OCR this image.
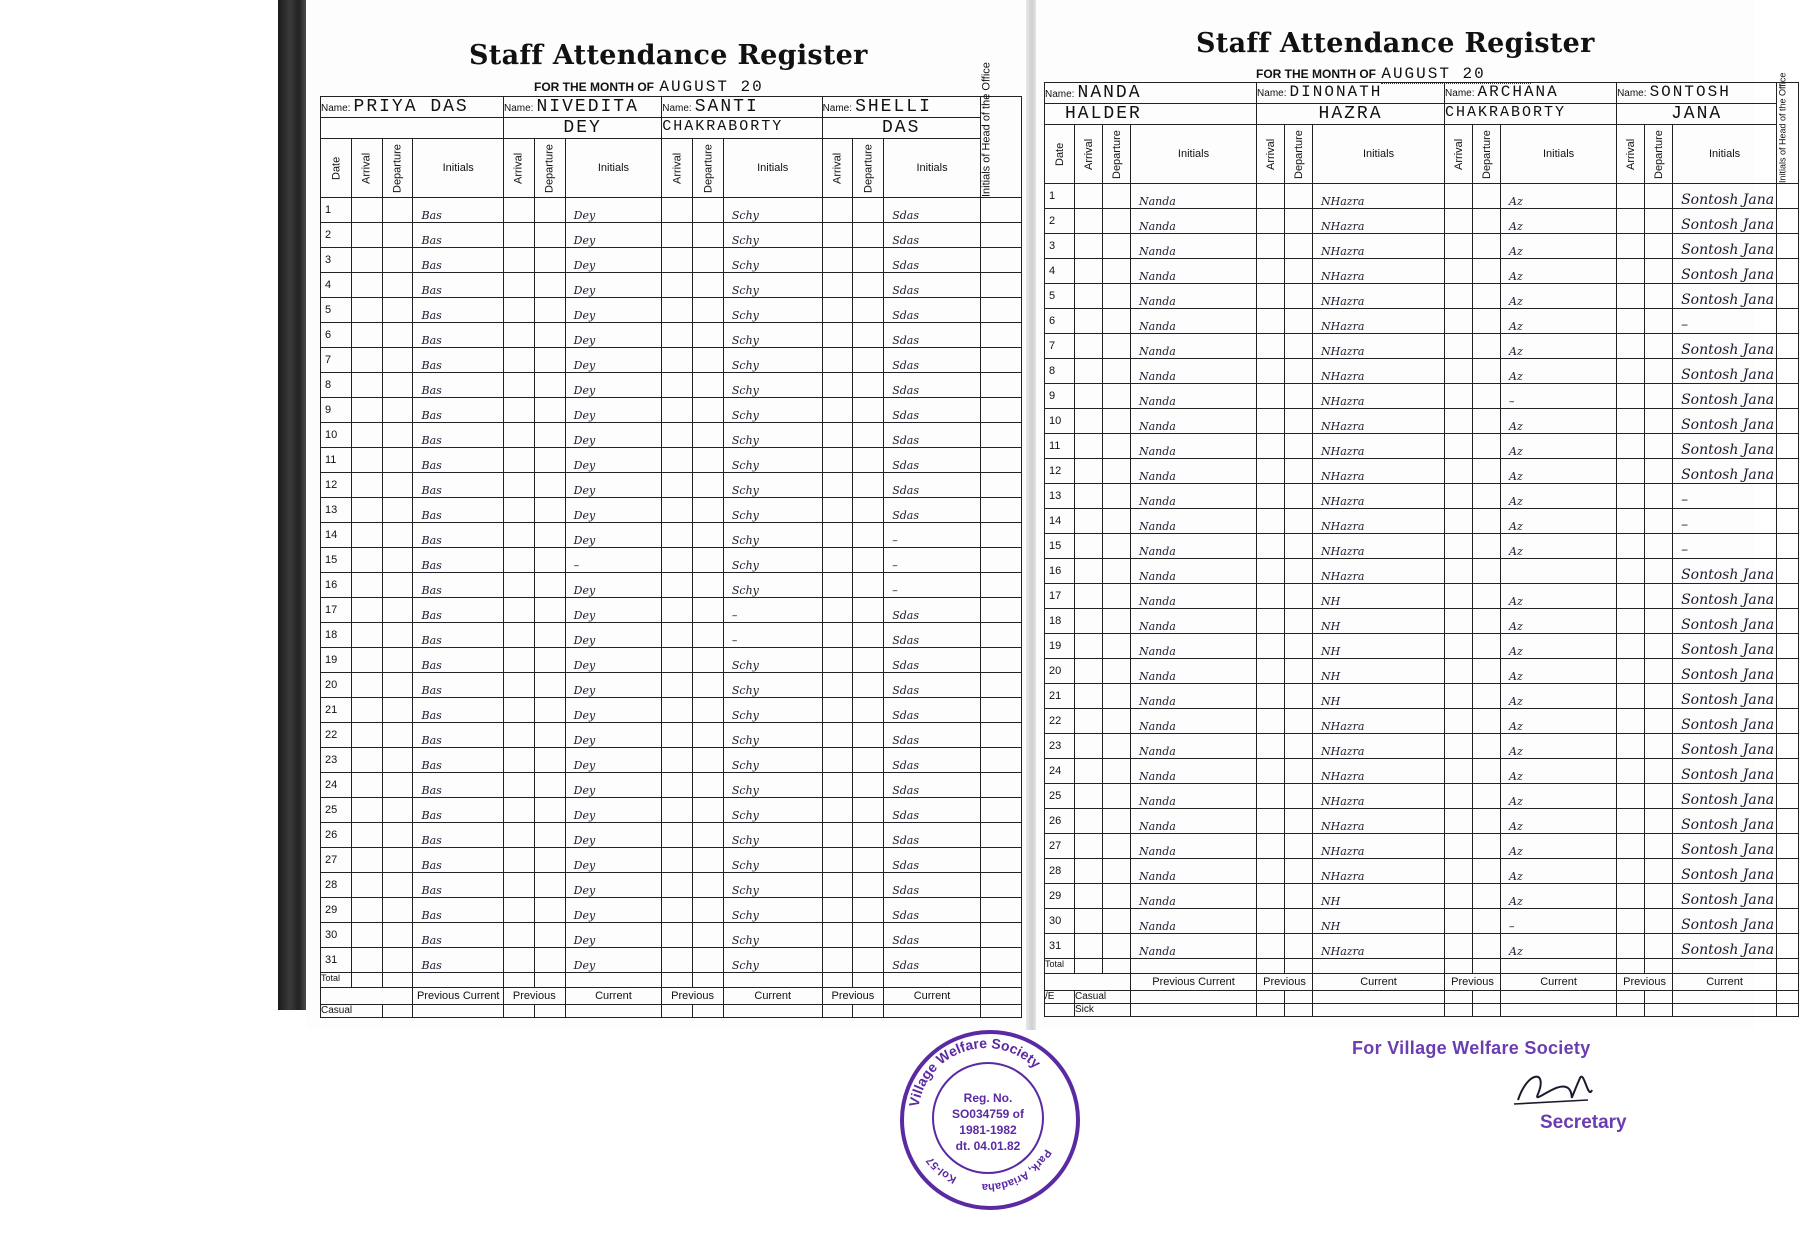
Staff Attendance Register
FOR THE MONTH OF AUGUST 20
Name: PRIYA DAS				Name: NIVEDITA			Name: SANTI			Name: SHELLI			Initials of Head of the Office
				DEY			CHAKRABORTY			DAS			
Date	Arrival	Departure	Initials	Arrival	Departure	Initials	Arrival	Departure	Initials	Arrival	Departure	Initials	
1			Bas			Dey			Schy			Sdas	
2			Bas			Dey			Schy			Sdas	
3			Bas			Dey			Schy			Sdas	
4			Bas			Dey			Schy			Sdas	
5			Bas			Dey			Schy			Sdas	
6			Bas			Dey			Schy			Sdas	
7			Bas			Dey			Schy			Sdas	
8			Bas			Dey			Schy			Sdas	
9			Bas			Dey			Schy			Sdas	
10			Bas			Dey			Schy			Sdas	
11			Bas			Dey			Schy			Sdas	
12			Bas			Dey			Schy			Sdas	
13			Bas			Dey			Schy			Sdas	
14			Bas			Dey			Schy			–	
15			Bas			–			Schy			–	
16			Bas			Dey			Schy			–	
17			Bas			Dey			–			Sdas	
18			Bas			Dey			–			Sdas	
19			Bas			Dey			Schy			Sdas	
20			Bas			Dey			Schy			Sdas	
21			Bas			Dey			Schy			Sdas	
22			Bas			Dey			Schy			Sdas	
23			Bas			Dey			Schy			Sdas	
24			Bas			Dey			Schy			Sdas	
25			Bas			Dey			Schy			Sdas	
26			Bas			Dey			Schy			Sdas	
27			Bas			Dey			Schy			Sdas	
28			Bas			Dey			Schy			Sdas	
29			Bas			Dey			Schy			Sdas	
30			Bas			Dey			Schy			Sdas	
31			Bas			Dey			Schy			Sdas	
Total													
			Previous Current	Previous		Current	Previous		Current	Previous		Current	
Casual													
Staff Attendance Register
FOR THE MONTH OF AUGUST 20
Name: NANDA				Name: DINONATH			Name: ARCHANA			Name: SONTOSH			Initials of Head of the Office
HALDER				HAZRA			CHAKRABORTY			JANA			
Date	Arrival	Departure	Initials	Arrival	Departure	Initials	Arrival	Departure	Initials	Arrival	Departure	Initials	
1			Nanda			NHazra			Az			Sontosh Jana	
2			Nanda			NHazra			Az			Sontosh Jana	
3			Nanda			NHazra			Az			Sontosh Jana	
4			Nanda			NHazra			Az			Sontosh Jana	
5			Nanda			NHazra			Az			Sontosh Jana	
6			Nanda			NHazra			Az			–	
7			Nanda			NHazra			Az			Sontosh Jana	
8			Nanda			NHazra			Az			Sontosh Jana	
9			Nanda			NHazra			–			Sontosh Jana	
10			Nanda			NHazra			Az			Sontosh Jana	
11			Nanda			NHazra			Az			Sontosh Jana	
12			Nanda			NHazra			Az			Sontosh Jana	
13			Nanda			NHazra			Az			–	
14			Nanda			NHazra			Az			–	
15			Nanda			NHazra			Az			–	
16			Nanda			NHazra						Sontosh Jana	
17			Nanda			NH			Az			Sontosh Jana	
18			Nanda			NH			Az			Sontosh Jana	
19			Nanda			NH			Az			Sontosh Jana	
20			Nanda			NH			Az			Sontosh Jana	
21			Nanda			NH			Az			Sontosh Jana	
22			Nanda			NHazra			Az			Sontosh Jana	
23			Nanda			NHazra			Az			Sontosh Jana	
24			Nanda			NHazra			Az			Sontosh Jana	
25			Nanda			NHazra			Az			Sontosh Jana	
26			Nanda			NHazra			Az			Sontosh Jana	
27			Nanda			NHazra			Az			Sontosh Jana	
28			Nanda			NHazra			Az			Sontosh Jana	
29			Nanda			NH			Az			Sontosh Jana	
30			Nanda			NH			–			Sontosh Jana	
31			Nanda			NHazra			Az			Sontosh Jana	
Total													
			Previous Current	Previous		Current	Previous		Current	Previous		Current	
/E	Casual												
	Sick												
Village Welfare Society
Park, Ariadaha
Kol-57
Reg. No.
SO034759 of
1981-1982
dt. 04.01.82
For Village Welfare Society
Secretary
